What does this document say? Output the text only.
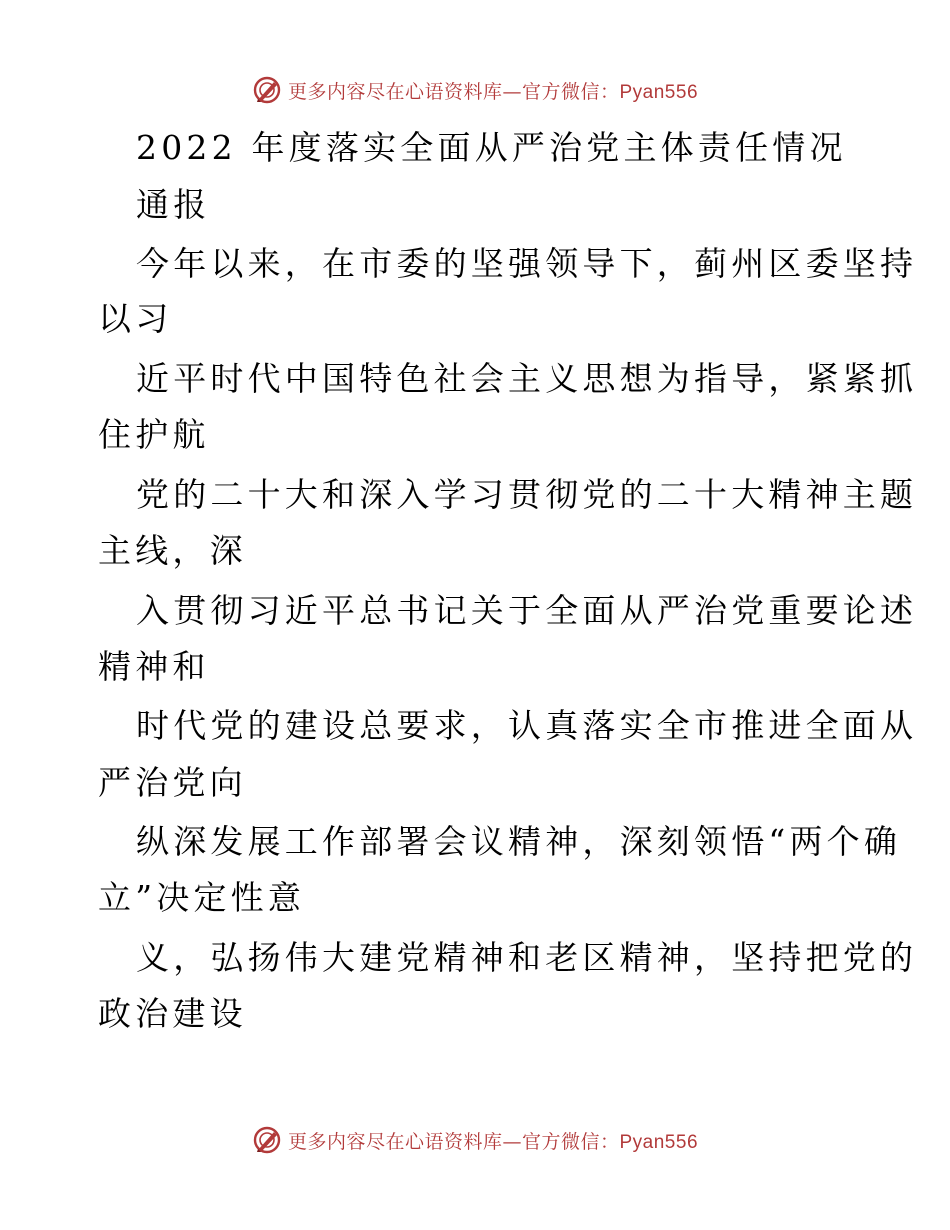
更多内容尽在心语资料库—官方微信：Pyan556
2022 年度落实全面从严治党主体责任情况
通报
今年以来，在市委的坚强领导下，蓟州区委坚持
以习
近平时代中国特色社会主义思想为指导，紧紧抓
住护航
党的二十大和深入学习贯彻党的二十大精神主题
主线，深
入贯彻习近平总书记关于全面从严治党重要论述
精神和
时代党的建设总要求，认真落实全市推进全面从
严治党向
纵深发展工作部署会议精神，深刻领悟“两个确
立”决定性意
义，弘扬伟大建党精神和老区精神，坚持把党的
政治建设
更多内容尽在心语资料库—官方微信：Pyan556
